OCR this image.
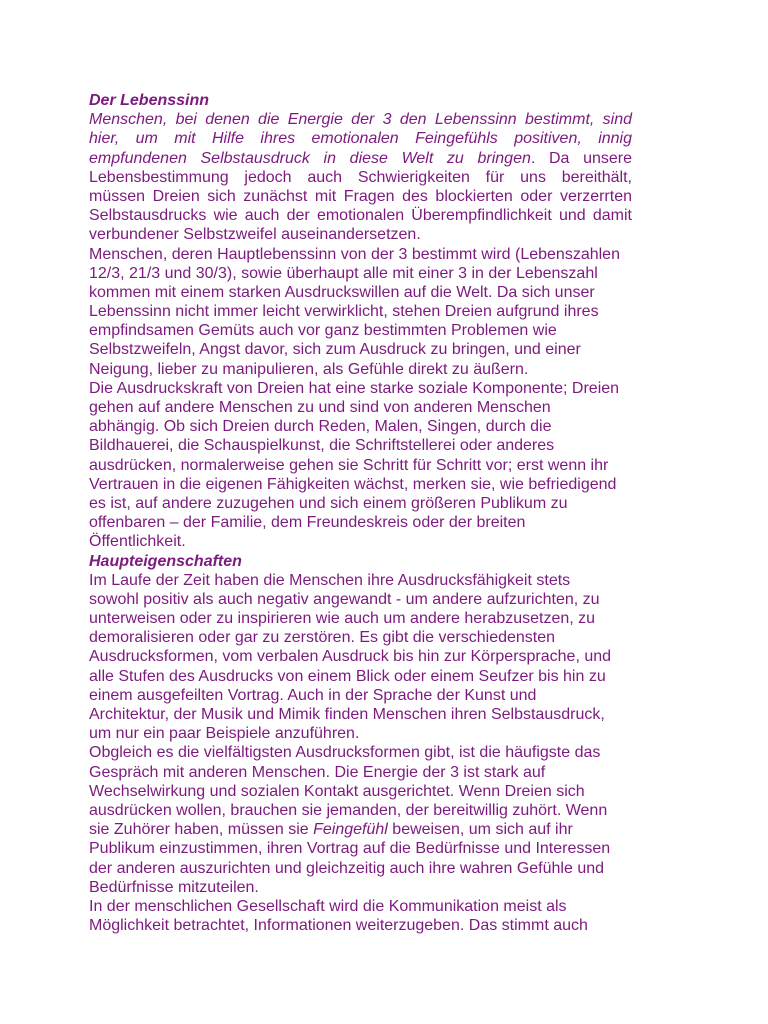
Der Lebenssinn
Menschen, bei denen die Energie der 3 den Lebenssinn bestimmt, sind
hier, um mit Hilfe ihres emotionalen Feingefühls positiven, innig
empfundenen Selbstausdruck in diese Welt zu bringen. Da unsere
Lebensbestimmung jedoch auch Schwierigkeiten für uns bereithält,
müssen Dreien sich zunächst mit Fragen des blockierten oder verzerrten
Selbstausdrucks wie auch der emotionalen Überempfindlichkeit und damit
verbundener Selbstzweifel auseinandersetzen.
Menschen, deren Hauptlebenssinn von der 3 bestimmt wird (Lebenszahlen
12/3, 21/3 und 30/3), sowie überhaupt alle mit einer 3 in der Lebenszahl
kommen mit einem starken Ausdruckswillen auf die Welt. Da sich unser
Lebenssinn nicht immer leicht verwirklicht, stehen Dreien aufgrund ihres
empfindsamen Gemüts auch vor ganz bestimmten Problemen wie
Selbstzweifeln, Angst davor, sich zum Ausdruck zu bringen, und einer
Neigung, lieber zu manipulieren, als Gefühle direkt zu äußern.
Die Ausdruckskraft von Dreien hat eine starke soziale Komponente; Dreien
gehen auf andere Menschen zu und sind von anderen Menschen
abhängig. Ob sich Dreien durch Reden, Malen, Singen, durch die
Bildhauerei, die Schauspielkunst, die Schriftstellerei oder anderes
ausdrücken, normalerweise gehen sie Schritt für Schritt vor; erst wenn ihr
Vertrauen in die eigenen Fähigkeiten wächst, merken sie, wie befriedigend
es ist, auf andere zuzugehen und sich einem größeren Publikum zu
offenbaren – der Familie, dem Freundeskreis oder der breiten
Öffentlichkeit.
Haupteigenschaften
Im Laufe der Zeit haben die Menschen ihre Ausdrucksfähigkeit stets
sowohl positiv als auch negativ angewandt - um andere aufzurichten, zu
unterweisen oder zu inspirieren wie auch um andere herabzusetzen, zu
demoralisieren oder gar zu zerstören. Es gibt die verschiedensten
Ausdrucksformen, vom verbalen Ausdruck bis hin zur Körpersprache, und
alle Stufen des Ausdrucks von einem Blick oder einem Seufzer bis hin zu
einem ausgefeilten Vortrag. Auch in der Sprache der Kunst und
Architektur, der Musik und Mimik finden Menschen ihren Selbstausdruck,
um nur ein paar Beispiele anzuführen.
Obgleich es die vielfältigsten Ausdrucksformen gibt, ist die häufigste das
Gespräch mit anderen Menschen. Die Energie der 3 ist stark auf
Wechselwirkung und sozialen Kontakt ausgerichtet. Wenn Dreien sich
ausdrücken wollen, brauchen sie jemanden, der bereitwillig zuhört. Wenn
sie Zuhörer haben, müssen sie Feingefühl beweisen, um sich auf ihr
Publikum einzustimmen, ihren Vortrag auf die Bedürfnisse und Interessen
der anderen auszurichten und gleichzeitig auch ihre wahren Gefühle und
Bedürfnisse mitzuteilen.
In der menschlichen Gesellschaft wird die Kommunikation meist als
Möglichkeit betrachtet, Informationen weiterzugeben. Das stimmt auch
